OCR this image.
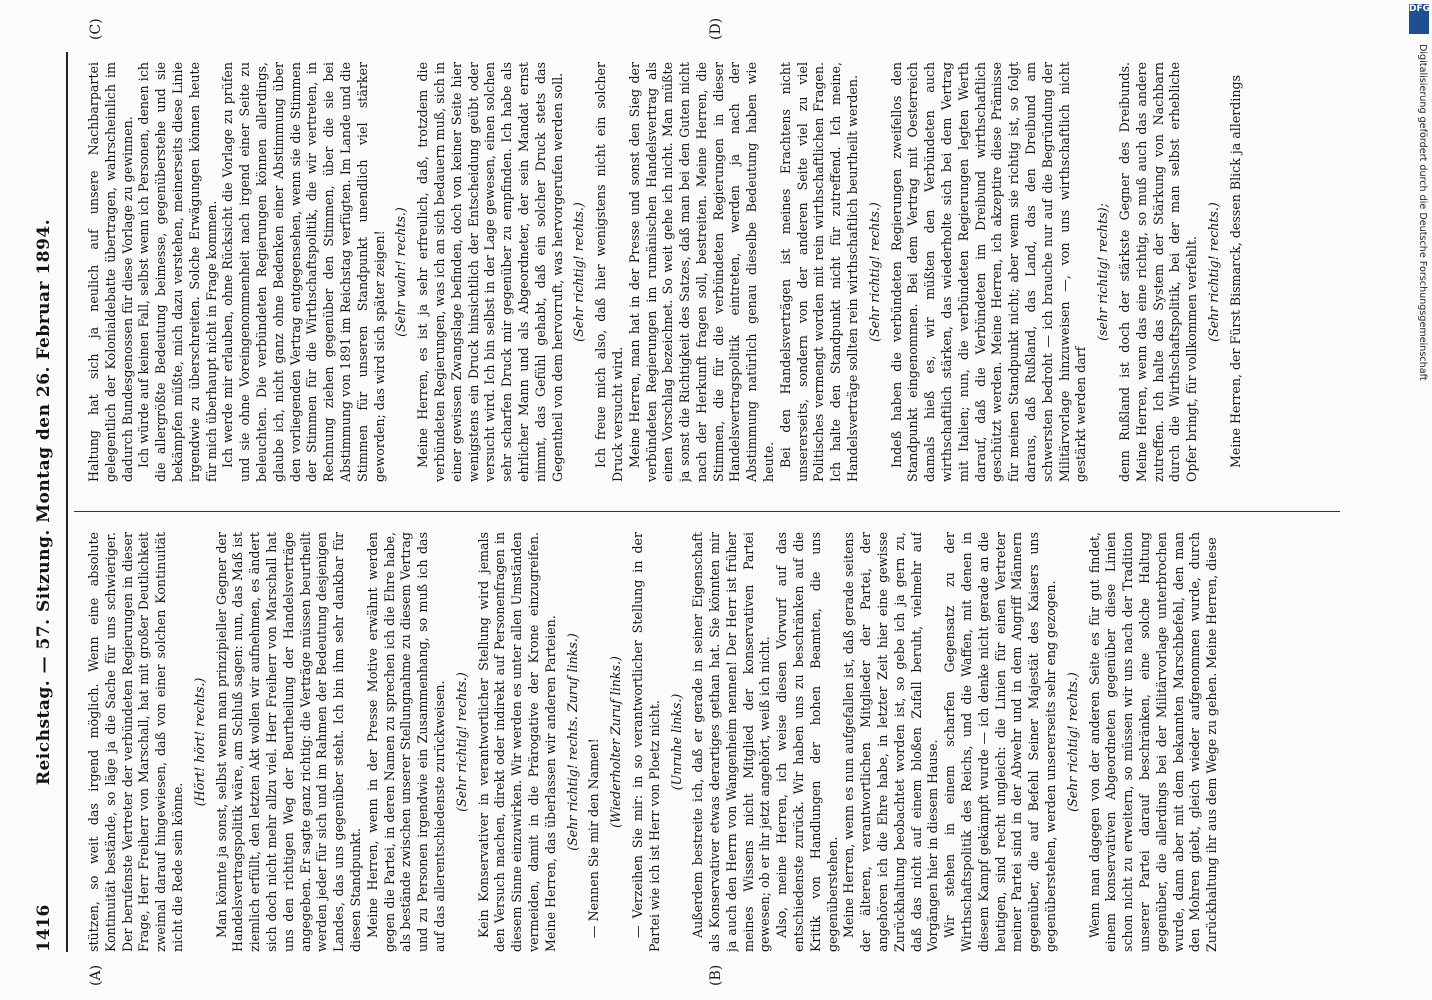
1416
Reichstag. — 57. Sitzung. Montag den 26. Februar 1894.
(A)	(B)
(C)	(D)

stützen, so weit das irgend möglich. Wenn eine absolute Kontinuität bestände, so läge ja die Sache für uns schwieriger. Der berufenste Vertreter der verbündeten Regierungen in dieser Frage, Herr Freiherr von Marschall, hat mit großer Deutlichkeit zweimal darauf hingewiesen, daß von einer solchen Kontinuität nicht die Rede sein könne.

(Hört! hört! rechts.) Man könnte ja sonst, selbst wenn man prinzipieller Gegner der Handelsvertragspolitik wäre, am Schluß sagen: nun, das Maß ist ziemlich erfüllt, den letzten Akt wollen wir aufnehmen, es ändert sich doch nicht mehr allzu viel. Herr Freiherr von Marschall hat uns den richtigen Weg der Beurtheilung der Handelsverträge angegeben. Er sagte ganz richtig: die Verträge müssen beurtheilt werden jeder für sich und im Rahmen der Bedeutung desjenigen Landes, das uns gegenüber steht. Ich bin ihm sehr dankbar für diesen Standpunkt. Meine Herren, wenn in der Presse Motive erwähnt werden gegen die Partei, in deren Namen zu sprechen ich die Ehre habe, als bestände zwischen unserer Stellungnahme zu diesem Vertrag und zu Personen irgendwie ein Zusammenhang, so muß ich das auf das allerentschiedenste zurückweisen. (Sehr richtig! rechts.) Kein Konservativer in verantwortlicher Stellung wird jemals den Versuch machen, direkt oder indirekt auf Personenfragen in diesem Sinne einzuwirken. Wir werden es unter allen Umständen vermeiden, damit in die Prärogative der Krone einzugreifen. Meine Herren, das überlassen wir anderen Parteien. (Sehr richtig! rechts. Zuruf links.) — Nennen Sie mir den Namen! (Wiederholter Zuruf links.) — Verzeihen Sie mir: in so verantwortlicher Stellung in der Partei wie ich ist Herr von Ploetz nicht. (Unruhe links.) Außerdem bestreite ich, daß er gerade in seiner Eigenschaft als Konservativer etwas derartiges gethan hat. Sie könnten mir ja auch den Herrn von Wangenheim nennen! Der Herr ist früher meines Wissens nicht Mitglied der konservativen Partei gewesen; ob er ihr jetzt angehört, weiß ich nicht. Also, meine Herren, ich weise diesen Vorwurf auf das entschiedenste zurück. Wir haben uns zu beschränken auf die Kritik von Handlungen der hohen Beamten, die uns gegenüberstehen. Meine Herren, wenn es nun aufgefallen ist, daß gerade seitens der älteren, verantwortlichen Mitglieder der Partei, der angehören ich die Ehre habe, in letzter Zeit hier eine gewisse Zurückhaltung beobachtet worden ist, so gebe ich ja gern zu, daß das nicht auf einem bloßen Zufall beruht, vielmehr auf Vorgängen hier in diesem Hause. Wir stehen in einem scharfen Gegensatz zu der Wirthschaftspolitik des Reichs, und die Waffen, mit denen in diesem Kampf gekämpft wurde — ich denke nicht gerade an die heutigen, sind recht ungleich: die Linien für einen Vertreter meiner Partei sind in der Abwehr und in dem Angriff Männern gegenüber, die auf Befehl Seiner Majestät des Kaisers uns gegenüberstehen, werden unsererseits sehr eng gezogen. (Sehr richtig! rechts.) Wenn man dagegen von der anderen Seite es für gut findet, einem konservativen Abgeordneten gegenüber diese Linien schon nicht zu erweitern, so müssen wir uns nach der Tradition unserer Partei darauf beschränken, eine solche Haltung gegenüber, die allerdings bei der Militärvorlage unterbrochen wurde, dann aber mit dem bekannten Marschbefehl, den man den Mohren giebt, gleich wieder aufgenommen wurde, durch Zurückhaltung ihr aus dem Wege zu gehen. Meine Herren, diese

Haltung hat sich ja neulich auf unsere Nachbarpartei gelegentlich der Kolonialdebatte übertragen, wahrscheinlich im dadurch Bundesgenossen für diese Vorlage zu gewinnen. Ich würde auf keinen Fall, selbst wenn ich Personen, denen ich die allergrößte Bedeutung beimesse, gegenüberstehe und sie bekämpfen müßte, mich dazu verstehen, meinerseits diese Linie irgendwie zu überschreiten. Solche Erwägungen können heute für mich überhaupt nicht in Frage kommen. Ich werde mir erlauben, ohne Rücksicht die Vorlage zu prüfen und sie ohne Voreingenommenheit nach irgend einer Seite zu beleuchten. Die verbündeten Regierungen können allerdings, glaube ich, nicht ganz ohne Bedenken einer Abstimmung über den vorliegenden Vertrag entgegensehen, wenn sie die Stimmen der Stimmen für die Wirthschaftspolitik, die wir vertreten, in Rechnung ziehen gegenüber den Stimmen, über die sie bei Abstimmung von 1891 im Reichstag verfügten. Im Lande und die Stimmen für unseren Standpunkt unendlich viel stärker geworden; das wird sich später zeigen! (Sehr wahr! rechts.) Meine Herren, es ist ja sehr erfreulich, daß, trotzdem die verbündeten Regierungen, was ich an sich bedauern muß, sich in einer gewissen Zwangslage befinden, doch von keiner Seite hier wenigstens ein Druck hinsichtlich der Entscheidung geübt oder versucht wird. Ich bin selbst in der Lage gewesen, einen solchen sehr scharfen Druck mir gegenüber zu empfinden. Ich habe als ehrlicher Mann und als Abgeordneter, der sein Mandat ernst nimmt, das Gefühl gehabt, daß ein solcher Druck stets das Gegentheil von dem hervorruft, was hervorgerufen werden soll. (Sehr richtig! rechts.) Ich freue mich also, daß hier wenigstens nicht ein solcher Druck versucht wird. Meine Herren, man hat in der Presse und sonst den Sieg der verbündeten Regierungen im rumänischen Handelsvertrag als einen Vorschlag bezeichnet. So weit gehe ich nicht. Man müßte ja sonst die Richtigkeit des Satzes, daß man bei den Guten nicht nach der Herkunft fragen soll, bestreiten. Meine Herren, die Stimmen, die für die verbündeten Regierungen in dieser Handelsvertragspolitik eintreten, werden ja nach der Abstimmung natürlich genau dieselbe Bedeutung haben wie heute. Bei den Handelsverträgen ist meines Erachtens nicht unsererseits, sondern von der anderen Seite viel zu viel Politisches vermengt worden mit rein wirthschaftlichen Fragen. Ich halte den Standpunkt nicht für zutreffend. Ich meine, Handelsverträge sollten rein wirthschaftlich beurtheilt werden. (Sehr richtig! rechts.) Indeß haben die verbündeten Regierungen zweifellos den Standpunkt eingenommen. Bei dem Vertrag mit Oesterreich damals hieß es, wir müßten den Verbündeten auch wirthschaftlich stärken, das wiederholte sich bei dem Vertrag mit Italien; nun, die verbündeten Regierungen legten Werth darauf, daß die Verbündeten im Dreibund wirthschaftlich geschützt werden. Meine Herren, ich akzeptire diese Prämisse für meinen Standpunkt nicht; aber wenn sie richtig ist, so folgt daraus, daß Rußland, das Land, das den Dreibund am schwersten bedroht — ich brauche nur auf die Begründung der Militärvorlage hinzuweisen —, von uns wirthschaftlich nicht gestärkt werden darf

(sehr richtig! rechts); denn Rußland ist doch der stärkste Gegner des Dreibunds. Meine Herren, wenn das eine richtig, so muß auch das andere zutreffen. Ich halte das System der Stärkung von Nachbarn durch die Wirthschaftspolitik, bei der man selbst erhebliche Opfer bringt, für vollkommen verfehlt. (Sehr richtig! rechts.) Meine Herren, der Fürst Bismarck, dessen Blick ja allerdings

DFG
Digitalisierung gefördert durch die Deutsche Forschungsgemeinschaft
